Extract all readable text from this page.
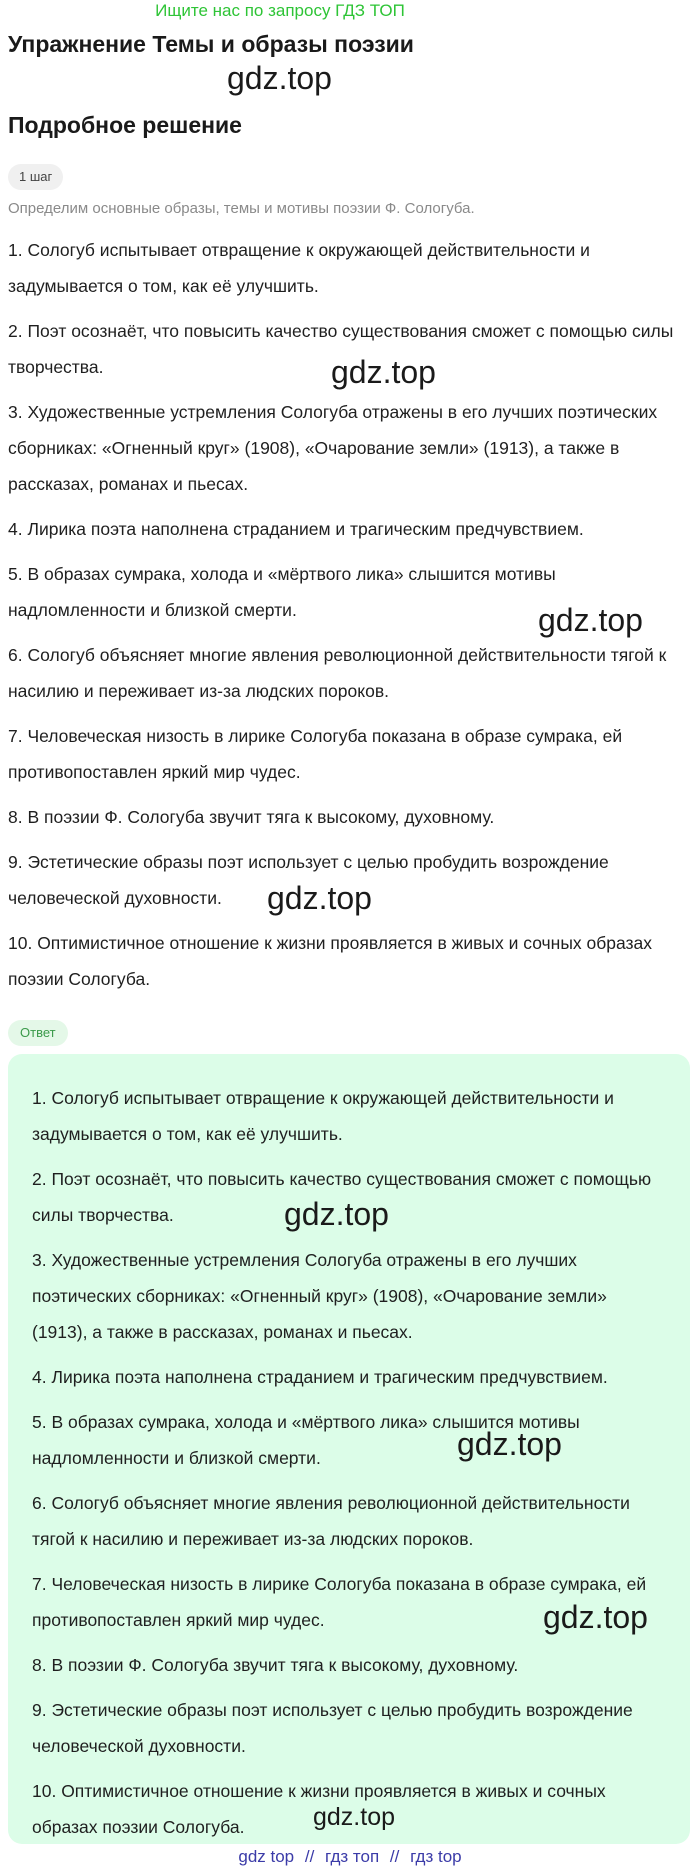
Ищите нас по запросу ГДЗ ТОП
Упражнение Темы и образы поэзии
Подробное решение
1 шаг
Определим основные образы, темы и мотивы поэзии Ф. Сологуба.
1. Сологуб испытывает отвращение к окружающей действительности и задумывается о том, как её улучшить.
2. Поэт осознаёт, что повысить качество существования сможет с помощью силы творчества.
3. Художественные устремления Сологуба отражены в его лучших поэтических сборниках: «Огненный круг» (1908), «Очарование земли» (1913), а также в рассказах, романах и пьесах.
4. Лирика поэта наполнена страданием и трагическим предчувствием.
5. В образах сумрака, холода и «мёртвого лика» слышится мотивы надломленности и близкой смерти.
6. Сологуб объясняет многие явления революционной действительности тягой к насилию и переживает из-за людских пороков.
7. Человеческая низость в лирике Сологуба показана в образе сумрака, ей противопоставлен яркий мир чудес.
8. В поэзии Ф. Сологуба звучит тяга к высокому, духовному.
9. Эстетические образы поэт использует с целью пробудить возрождение человеческой духовности.
10. Оптимистичное отношение к жизни проявляется в живых и сочных образах поэзии Сологуба.
Ответ
1. Сологуб испытывает отвращение к окружающей действительности и задумывается о том, как её улучшить.
2. Поэт осознаёт, что повысить качество существования сможет с помощью силы творчества.
3. Художественные устремления Сологуба отражены в его лучших поэтических сборниках: «Огненный круг» (1908), «Очарование земли» (1913), а также в рассказах, романах и пьесах.
4. Лирика поэта наполнена страданием и трагическим предчувствием.
5. В образах сумрака, холода и «мёртвого лика» слышится мотивы надломленности и близкой смерти.
6. Сологуб объясняет многие явления революционной действительности тягой к насилию и переживает из-за людских пороков.
7. Человеческая низость в лирике Сологуба показана в образе сумрака, ей противопоставлен яркий мир чудес.
8. В поэзии Ф. Сологуба звучит тяга к высокому, духовному.
9. Эстетические образы поэт использует с целью пробудить возрождение человеческой духовности.
10. Оптимистичное отношение к жизни проявляется в живых и сочных образах поэзии Сологуба.
gdz.top
gdz.top
gdz.top
gdz.top
gdz.top
gdz.top
gdz.top
gdz.top
gdz top // гдз топ // гдз top
